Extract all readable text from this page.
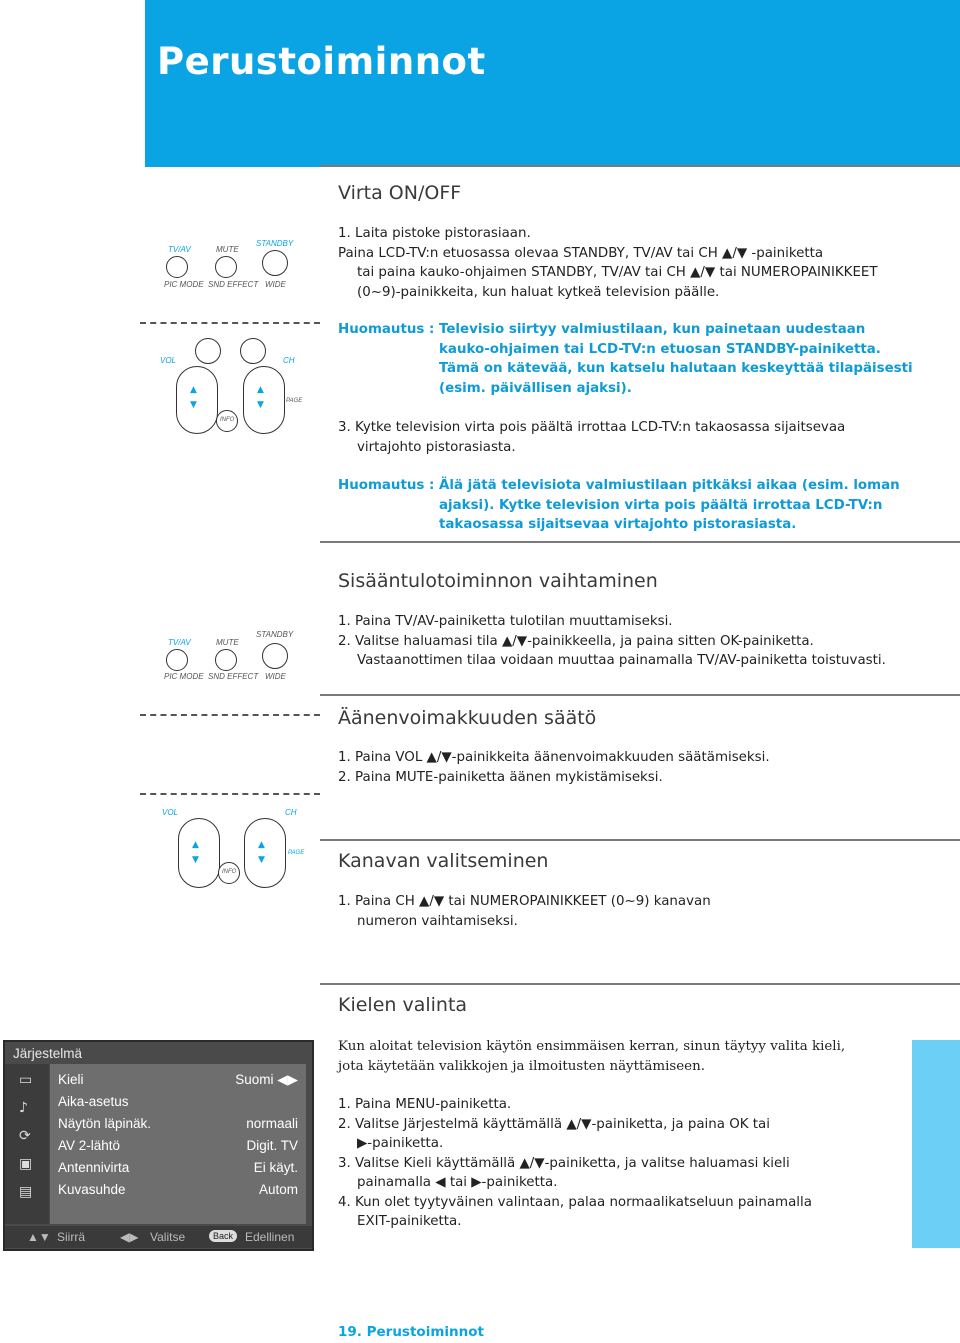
Perustoiminnot
Virta ON/OFF
1. Laita pistoke pistorasiaan.
Paina LCD-TV:n etuosassa olevaa STANDBY, TV/AV tai CH ▲/▼ -painiketta
tai paina kauko-ohjaimen STANDBY, TV/AV tai CH ▲/▼ tai NUMEROPAINIKKEET
(0~9)-painikkeita, kun haluat kytkeä television päälle.
Huomautus : Televisio siirtyy valmiustilaan, kun painetaan uudestaan
kauko-ohjaimen tai LCD-TV:n etuosan STANDBY-painiketta.
Tämä on kätevää, kun katselu halutaan keskeyttää tilapäisesti
(esim. päivällisen ajaksi).
3. Kytke television virta pois päältä irrottaa LCD-TV:n takaosassa sijaitsevaa
virtajohto pistorasiasta.
Huomautus : Älä jätä televisiota valmiustilaan pitkäksi aikaa (esim. loman
ajaksi). Kytke television virta pois päältä irrottaa LCD-TV:n
takaosassa sijaitsevaa virtajohto pistorasiasta.
TV/AV	MUTE
STANDBY
PIC MODE SND EFFECT WIDE
VOL	CH
▲
▼
▲
▼
INFO
PAGE
Sisääntulotoiminnon vaihtaminen
1. Paina TV/AV-painiketta tulotilan muuttamiseksi.
2. Valitse haluamasi tila ▲/▼-painikkeella, ja paina sitten OK-painiketta.
Vastaanottimen tilaa voidaan muuttaa painamalla TV/AV-painiketta toistuvasti.
TV/AV	MUTE
STANDBY
PIC MODE SND EFFECT WIDE
Äänenvoimakkuuden säätö
1. Paina VOL ▲/▼-painikkeita äänenvoimakkuuden säätämiseksi.
2. Paina MUTE-painiketta äänen mykistämiseksi.
VOL	CH
▲
▼
▲
▼
INFO
PAGE Kanavan valitseminen
1. Paina CH ▲/▼ tai NUMEROPAINIKKEET (0~9) kanavan
numeron vaihtamiseksi.
Kielen valinta
Kun aloitat television käytön ensimmäisen kerran, sinun täytyy valita kieli,
jota käytetään valikkojen ja ilmoitusten näyttämiseen.
1. Paina MENU-painiketta.
2. Valitse Järjestelmä käyttämällä ▲/▼-painiketta, ja paina OK tai
▶-painiketta.
3. Valitse Kieli käyttämällä ▲/▼-painiketta, ja valitse haluamasi kieli
painamalla ◀ tai ▶-painiketta.
4. Kun olet tyytyväinen valintaan, palaa normaalikatseluun painamalla
EXIT-painiketta.
Järjestelmä
▭
♪
⟳
▣
▤
Kieli	Suomi ◀▶
Aika-asetus
Näytön läpinäk.	normaali
AV 2-lähtö	Digit. TV
Antennivirta	Ei käyt.
Kuvasuhde	Autom
▲▼ Siirrä	◀▶ Valitse	Back Edellinen
19. Perustoiminnot
